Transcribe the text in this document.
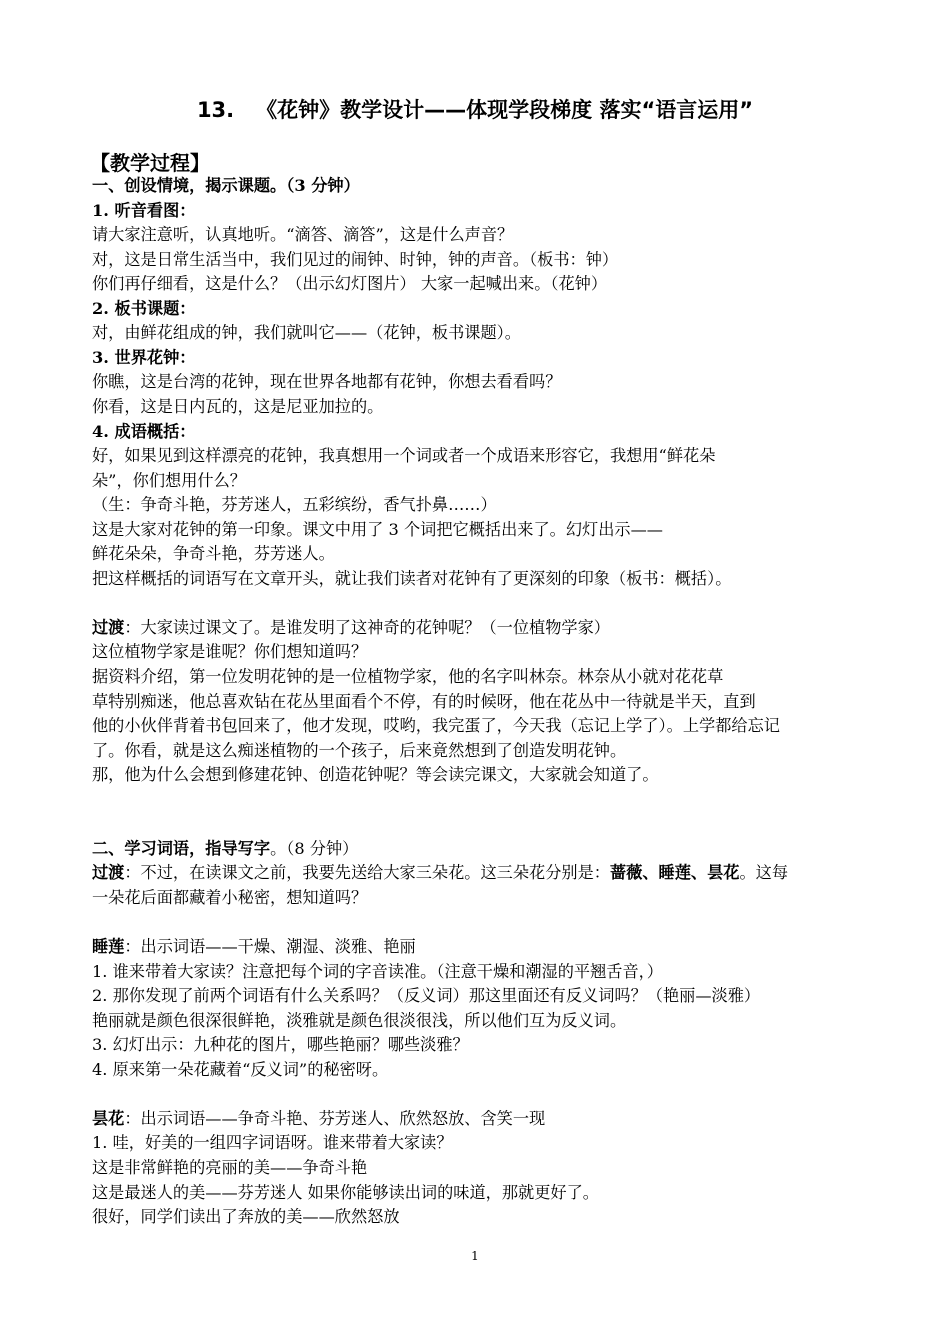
13. 《花钟》教学设计——体现学段梯度 落实“语言运用”
【教学过程】
一、创设情境，揭示课题。（3 分钟）
1. 听音看图：
请大家注意听，认真地听。“滴答、滴答”，这是什么声音？
对，这是日常生活当中，我们见过的闹钟、时钟，钟的声音。（板书：钟）
你们再仔细看，这是什么？（出示幻灯图片） 大家一起喊出来。（花钟）
2. 板书课题：
对，由鲜花组成的钟，我们就叫它——（花钟，板书课题）。
3. 世界花钟：
你瞧，这是台湾的花钟，现在世界各地都有花钟，你想去看看吗？
你看，这是日内瓦的，这是尼亚加拉的。
4. 成语概括：
好，如果见到这样漂亮的花钟，我真想用一个词或者一个成语来形容它，我想用“鲜花朵
朵”，你们想用什么？
（生：争奇斗艳，芬芳迷人，五彩缤纷，香气扑鼻……）
这是大家对花钟的第一印象。课文中用了 3 个词把它概括出来了。幻灯出示——
鲜花朵朵，争奇斗艳，芬芳迷人。
把这样概括的词语写在文章开头，就让我们读者对花钟有了更深刻的印象（板书：概括）。
过渡：大家读过课文了。是谁发明了这神奇的花钟呢？（一位植物学家）
这位植物学家是谁呢？你们想知道吗？
据资料介绍，第一位发明花钟的是一位植物学家，他的名字叫林奈。林奈从小就对花花草
草特别痴迷，他总喜欢钻在花丛里面看个不停，有的时候呀，他在花丛中一待就是半天，直到
他的小伙伴背着书包回来了，他才发现，哎哟，我完蛋了，今天我（忘记上学了）。上学都给忘记
了。你看，就是这么痴迷植物的一个孩子，后来竟然想到了创造发明花钟。
那，他为什么会想到修建花钟、创造花钟呢？等会读完课文，大家就会知道了。
二、学习词语，指导写字。（8 分钟）
过渡：不过，在读课文之前，我要先送给大家三朵花。这三朵花分别是：蔷薇、睡莲、昙花。这每
一朵花后面都藏着小秘密，想知道吗？
睡莲：出示词语——干燥、潮湿、淡雅、艳丽
1. 谁来带着大家读？注意把每个词的字音读准。（注意干燥和潮湿的平翘舌音，）
2. 那你发现了前两个词语有什么关系吗？（反义词）那这里面还有反义词吗？（艳丽—淡雅）
艳丽就是颜色很深很鲜艳，淡雅就是颜色很淡很浅，所以他们互为反义词。
3. 幻灯出示：九种花的图片，哪些艳丽？哪些淡雅？
4. 原来第一朵花藏着“反义词”的秘密呀。
昙花：出示词语——争奇斗艳、芬芳迷人、欣然怒放、含笑一现
1. 哇，好美的一组四字词语呀。谁来带着大家读？
这是非常鲜艳的亮丽的美——争奇斗艳
这是最迷人的美——芬芳迷人 如果你能够读出词的味道，那就更好了。
很好，同学们读出了奔放的美——欣然怒放
1
